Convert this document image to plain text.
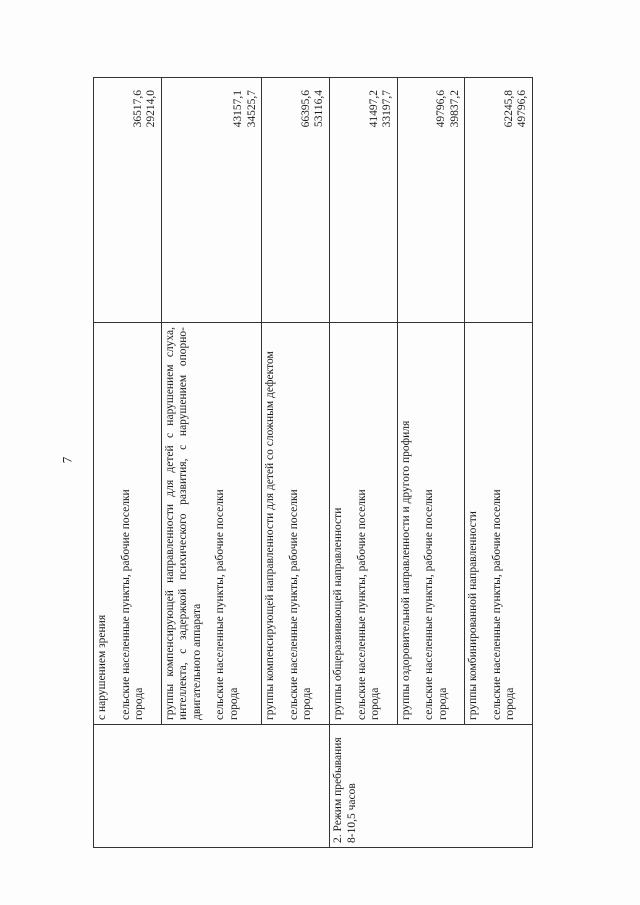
7

	с нарушением зрения сельские населенные пункты, рабочие поселки города	36517,6 29214,0

	группы компенсирующей направленности для детей с нарушением слуха, интеллекта, с задержкой психического развития, с нарушением опорно-двигательного аппарата сельские населенные пункты, рабочие поселки города	43157,1 34525,7

	группы компенсирующей направленности для детей со сложным дефектом сельские населенные пункты, рабочие поселки города	66395,6 53116,4

2. Режим пребывания 8-10,5 часов	группы общеразвивающей направленности сельские населенные пункты, рабочие поселки города	41497,2 33197,7

	группы оздоровительной направленности и другого профиля сельские населенные пункты, рабочие поселки города	49796,6 39837,2

	группы комбинированной направленности сельские населенные пункты, рабочие поселки города	62245,8 49796,6
